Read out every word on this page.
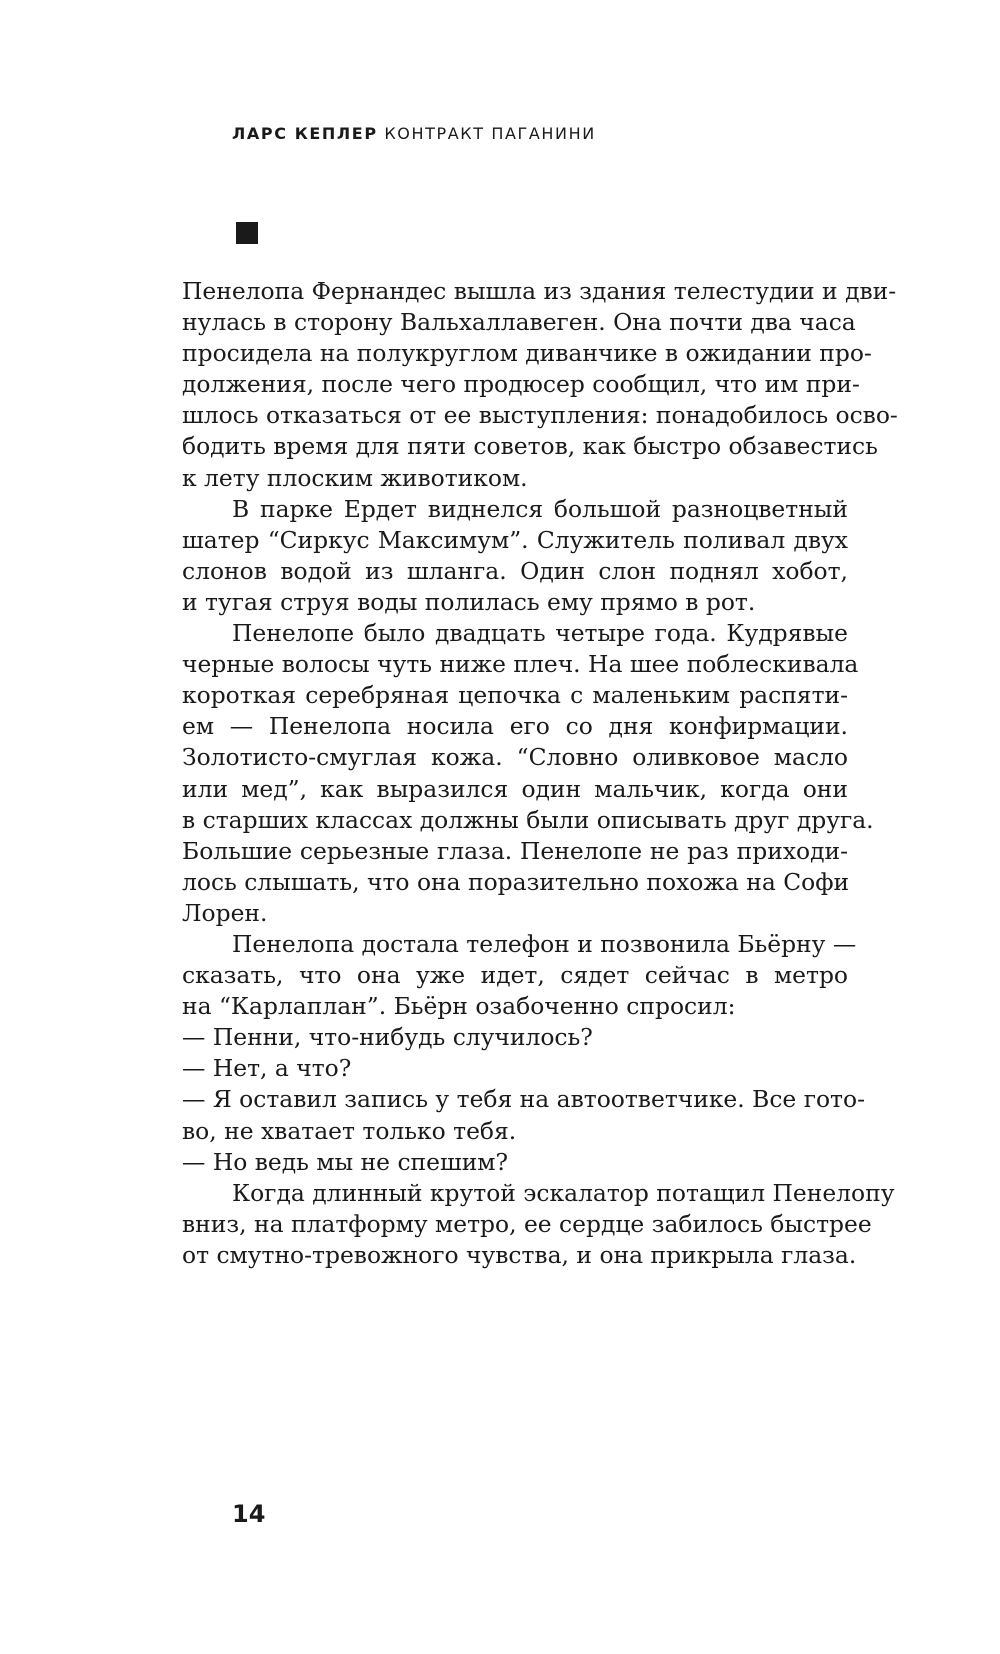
ЛАРС КЕПЛЕР КОНТРАКТ ПАГАНИНИ
Пенелопа Фернандес вышла из здания телестудии и дви-
нулась в сторону Вальхаллавеген. Она почти два часа
просидела на полукруглом диванчике в ожидании про-
должения, после чего продюсер сообщил, что им при-
шлось отказаться от ее выступления: понадобилось осво-
бодить время для пяти советов, как быстро обзавестись
к лету плоским животиком.
В парке Ердет виднелся большой разноцветный
шатер “Сиркус Максимум”. Служитель поливал двух
слонов водой из шланга. Один слон поднял хобот,
и тугая струя воды полилась ему прямо в рот.
Пенелопе было двадцать четыре года. Кудрявые
черные волосы чуть ниже плеч. На шее поблескивала
короткая серебряная цепочка с маленьким распяти-
ем — Пенелопа носила его со дня конфирмации.
Золотисто-смуглая кожа. “Словно оливковое масло
или мед”, как выразился один мальчик, когда они
в старших классах должны были описывать друг друга.
Большие серьезные глаза. Пенелопе не раз приходи-
лось слышать, что она поразительно похожа на Софи
Лорен.
Пенелопа достала телефон и позвонила Бьёрну —
сказать, что она уже идет, сядет сейчас в метро
на “Карлаплан”. Бьёрн озабоченно спросил:
— Пенни, что-нибудь случилось?
— Нет, а что?
— Я оставил запись у тебя на автоответчике. Все гото-
во, не хватает только тебя.
— Но ведь мы не спешим?
Когда длинный крутой эскалатор потащил Пенелопу
вниз, на платформу метро, ее сердце забилось быстрее
от смутно-тревожного чувства, и она прикрыла глаза.
14
